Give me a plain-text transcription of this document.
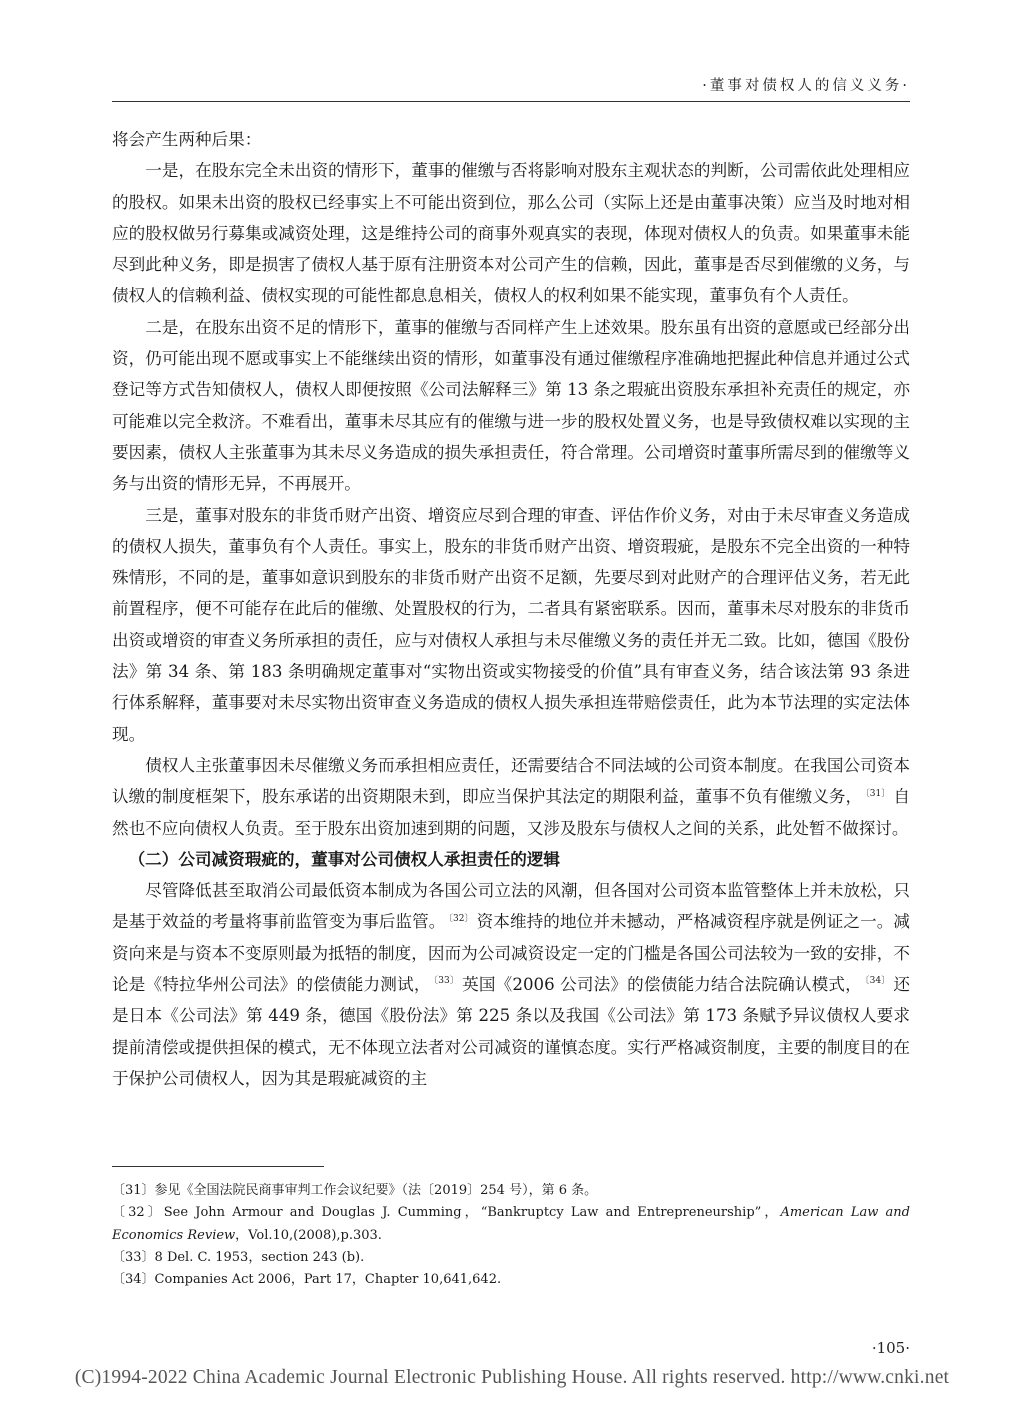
·董事对债权人的信义义务·

将会产生两种后果：

一是，在股东完全未出资的情形下，董事的催缴与否将影响对股东主观状态的判断，公司需依此处理相应的股权。如果未出资的股权已经事实上不可能出资到位，那么公司（实际上还是由董事决策）应当及时地对相应的股权做另行募集或减资处理，这是维持公司的商事外观真实的表现，体现对债权人的负责。如果董事未能尽到此种义务，即是损害了债权人基于原有注册资本对公司产生的信赖，因此，董事是否尽到催缴的义务，与债权人的信赖利益、债权实现的可能性都息息相关，债权人的权利如果不能实现，董事负有个人责任。

二是，在股东出资不足的情形下，董事的催缴与否同样产生上述效果。股东虽有出资的意愿或已经部分出资，仍可能出现不愿或事实上不能继续出资的情形，如董事没有通过催缴程序准确地把握此种信息并通过公式登记等方式告知债权人，债权人即便按照《公司法解释三》第 13 条之瑕疵出资股东承担补充责任的规定，亦可能难以完全救济。不难看出，董事未尽其应有的催缴与进一步的股权处置义务，也是导致债权难以实现的主要因素，债权人主张董事为其未尽义务造成的损失承担责任，符合常理。公司增资时董事所需尽到的催缴等义务与出资的情形无异，不再展开。

三是，董事对股东的非货币财产出资、增资应尽到合理的审查、评估作价义务，对由于未尽审查义务造成的债权人损失，董事负有个人责任。事实上，股东的非货币财产出资、增资瑕疵，是股东不完全出资的一种特殊情形，不同的是，董事如意识到股东的非货币财产出资不足额，先要尽到对此财产的合理评估义务，若无此前置程序，便不可能存在此后的催缴、处置股权的行为，二者具有紧密联系。因而，董事未尽对股东的非货币出资或增资的审查义务所承担的责任，应与对债权人承担与未尽催缴义务的责任并无二致。比如，德国《股份法》第 34 条、第 183 条明确规定董事对“实物出资或实物接受的价值”具有审查义务，结合该法第 93 条进行体系解释，董事要对未尽实物出资审查义务造成的债权人损失承担连带赔偿责任，此为本节法理的实定法体现。

债权人主张董事因未尽催缴义务而承担相应责任，还需要结合不同法域的公司资本制度。在我国公司资本认缴的制度框架下，股东承诺的出资期限未到，即应当保护其法定的期限利益，董事不负有催缴义务， $^{〔31〕}$ 自然也不应向债权人负责。至于股东出资加速到期的问题，又涉及股东与债权人之间的关系，此处暂不做探讨。

（二）公司减资瑕疵的，董事对公司债权人承担责任的逻辑

尽管降低甚至取消公司最低资本制成为各国公司立法的风潮，但各国对公司资本监管整体上并未放松，只是基于效益的考量将事前监管变为事后监管。 $^{〔32〕}$ 资本维持的地位并未撼动，严格减资程序就是例证之一。减资向来是与资本不变原则最为抵牾的制度，因而为公司减资设定一定的门槛是各国公司法较为一致的安排，不论是《特拉华州公司法》的偿债能力测试， $^{〔33〕}$ 英国《2006 公司法》的偿债能力结合法院确认模式， $^{〔34〕}$ 还是日本《公司法》第 449 条，德国《股份法》第 225 条以及我国《公司法》第 173 条赋予异议债权人要求提前清偿或提供担保的模式，无不体现立法者对公司减资的谨慎态度。实行严格减资制度，主要的制度目的在于保护公司债权人，因为其是瑕疵减资的主

〔31〕参见《全国法院民商事审判工作会议纪要》（法〔2019〕254 号），第 6 条。

〔32〕See John Armour and Douglas J. Cumming，“Bankruptcy Law and Entrepreneurship”，American Law and Economics Review，Vol.10,(2008),p.303.

〔33〕8 Del. C. 1953，section 243 (b).

〔34〕Companies Act 2006，Part 17，Chapter 10,641,642.

·105·
(C)1994-2022 China Academic Journal Electronic Publishing House. All rights reserved. http://www.cnki.net
